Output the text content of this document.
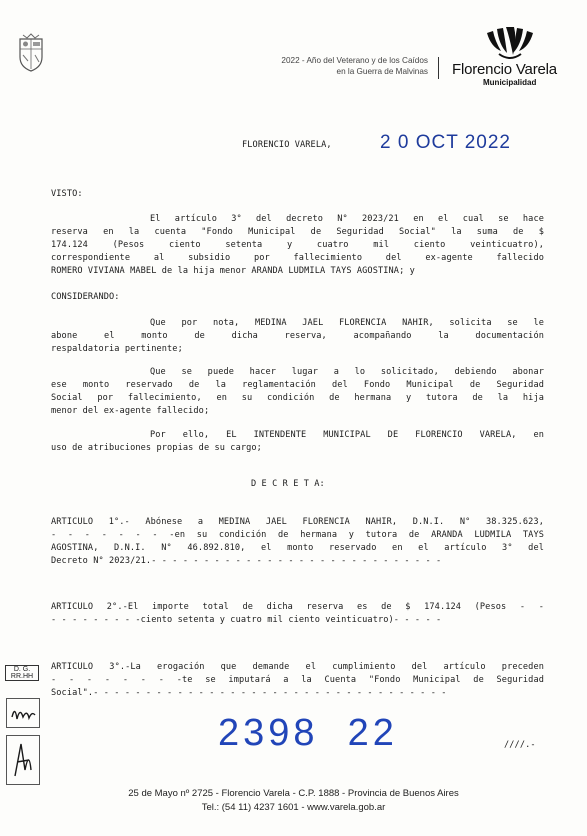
2022 - Año del Veterano y de los Caídos
en la Guerra de Malvinas Florencio Varela
Municipalidad
FLORENCIO VARELA,	2 0 OCT 2022
VISTO:
El artículo 3° del decreto N° 2023/21 en el cual se hace
reserva en la cuenta "Fondo Municipal de Seguridad Social" la suma de $
174.124 (Pesos ciento setenta y cuatro mil ciento veinticuatro),
correspondiente al subsidio por fallecimiento del ex-agente fallecido
ROMERO VIVIANA MABEL de la hija menor ARANDA LUDMILA TAYS AGOSTINA; y
CONSIDERANDO:
Que por nota, MEDINA JAEL FLORENCIA NAHIR, solicita se le
abone el monto de dicha reserva, acompañando la documentación
respaldatoria pertinente;
Que se puede hacer lugar a lo solicitado, debiendo abonar
ese monto reservado de la reglamentación del Fondo Municipal de Seguridad
Social por fallecimiento, en su condición de hermana y tutora de la hija
menor del ex-agente fallecido;
Por ello, EL INTENDENTE MUNICIPAL DE FLORENCIO VARELA, en
uso de atribuciones propias de su cargo;
D E C R E T A:
ARTICULO 1°.- Abónese a MEDINA JAEL FLORENCIA NAHIR, D.N.I. N° 38.325.623,
- - - - - - - -en su condición de hermana y tutora de ARANDA LUDMILA TAYS
AGOSTINA, D.N.I. N° 46.892.810, el monto reservado en el artículo 3° del
Decreto N° 2023/21.- - - - - - - - - - - - - - - - - - - - - - - - - - - -
ARTICULO 2°.-El importe total de dicha reserva es de $ 174.124 (Pesos - -
- - - - - - - - -ciento setenta y cuatro mil ciento veinticuatro)- - - - -
D. G.
RR.HH
ARTICULO 3°.-La erogación que demande el cumplimiento del artículo preceden
- - - - - - - -te se imputará a la Cuenta "Fondo Municipal de Seguridad
Social".- - - - - - - - - - - - - - - - - - - - - - - - - - - - - - - - - -
2398  22	////.-
25 de Mayo nº 2725 - Florencio Varela - C.P. 1888 - Provincia de Buenos Aires
Tel.: (54 11) 4237 1601 - www.varela.gob.ar
